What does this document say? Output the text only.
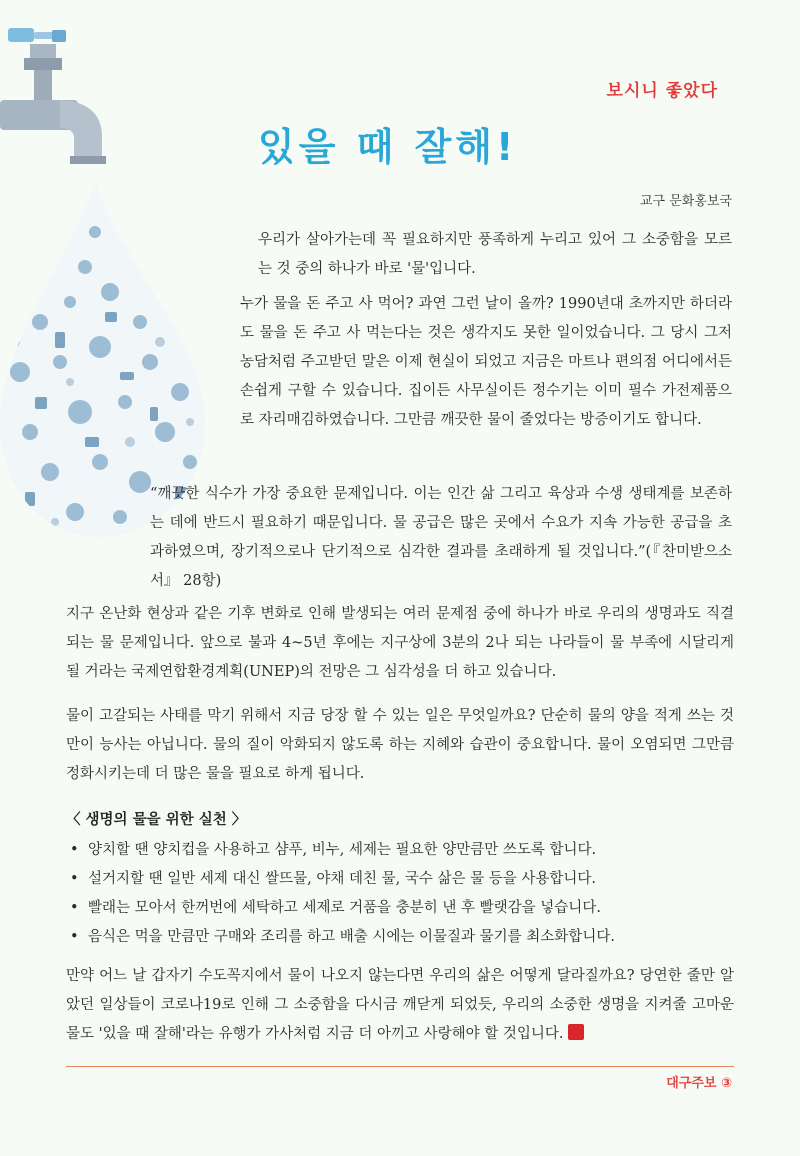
보시니 좋았다
있을 때 잘해!
교구 문화홍보국

우리가 살아가는데 꼭 필요하지만 풍족하게 누리고 있어 그 소중함을 모르는 것 중의 하나가 바로 '물'입니다.

누가 물을 돈 주고 사 먹어? 과연 그런 날이 올까? 1990년대 초까지만 하더라도 물을 돈 주고 사 먹는다는 것은 생각지도 못한 일이었습니다. 그 당시 그저 농담처럼 주고받던 말은 이제 현실이 되었고 지금은 마트나 편의점 어디에서든 손쉽게 구할 수 있습니다. 집이든 사무실이든 정수기는 이미 필수 가전제품으로 자리매김하였습니다. 그만큼 깨끗한 물이 줄었다는 방증이기도 합니다.

“깨끗한 식수가 가장 중요한 문제입니다. 이는 인간 삶 그리고 육상과 수생 생태계를 보존하는 데에 반드시 필요하기 때문입니다. 물 공급은 많은 곳에서 수요가 지속 가능한 공급을 초과하였으며, 장기적으로나 단기적으로 심각한 결과를 초래하게 될 것입니다.”(『찬미받으소서』 28항)

지구 온난화 현상과 같은 기후 변화로 인해 발생되는 여러 문제점 중에 하나가 바로 우리의 생명과도 직결되는 물 문제입니다. 앞으로 불과 4~5년 후에는 지구상에 3분의 2나 되는 나라들이 물 부족에 시달리게 될 거라는 국제연합환경계획(UNEP)의 전망은 그 심각성을 더 하고 있습니다.

물이 고갈되는 사태를 막기 위해서 지금 당장 할 수 있는 일은 무엇일까요? 단순히 물의 양을 적게 쓰는 것만이 능사는 아닙니다. 물의 질이 악화되지 않도록 하는 지혜와 습관이 중요합니다. 물이 오염되면 그만큼 정화시키는데 더 많은 물을 필요로 하게 됩니다.

〈 생명의 물을 위한 실천 〉
• 양치할 땐 양치컵을 사용하고 샴푸, 비누, 세제는 필요한 양만큼만 쓰도록 합니다.
• 설거지할 땐 일반 세제 대신 쌀뜨물, 야채 데친 물, 국수 삶은 물 등을 사용합니다.
• 빨래는 모아서 한꺼번에 세탁하고 세제로 거품을 충분히 낸 후 빨랫감을 넣습니다.
• 음식은 먹을 만큼만 구매와 조리를 하고 배출 시에는 이물질과 물기를 최소화합니다.

만약 어느 날 갑자기 수도꼭지에서 물이 나오지 않는다면 우리의 삶은 어떻게 달라질까요? 당연한 줄만 알았던 일상들이 코로나19로 인해 그 소중함을 다시금 깨닫게 되었듯, 우리의 소중한 생명을 지켜줄 고마운 물도 '있을 때 잘해'라는 유행가 가사처럼 지금 더 아끼고 사랑해야 할 것입니다.

대구주보 ③
